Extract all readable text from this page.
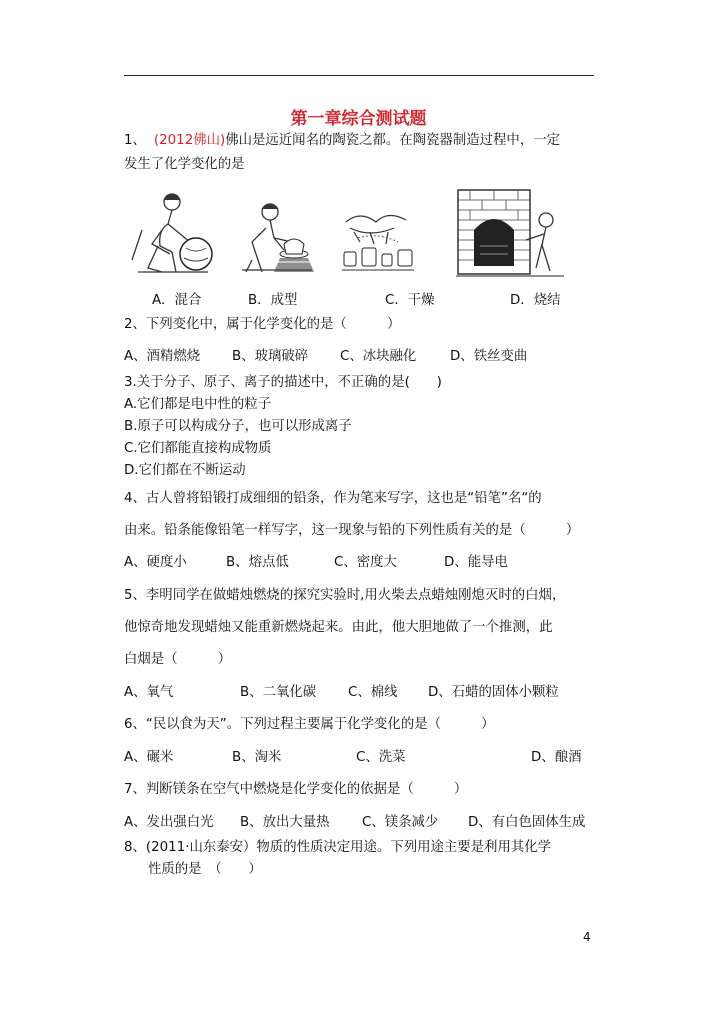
第一章综合测试题
1、 (2012佛山)佛山是远近闻名的陶瓷之都。在陶瓷器制造过程中，一定
发生了化学变化的是
A．混合	B．成型	C．干燥	D．烧结
2、下列变化中，属于化学变化的是（　　　）
A、酒精燃烧 B、玻璃破碎 C、冰块融化	D、铁丝变曲
3.关于分子、原子、离子的描述中，不正确的是(　　)
A.它们都是电中性的粒子
B.原子可以构成分子，也可以形成离子
C.它们都能直接构成物质
D.它们都在不断运动
4、古人曾将铅锻打成细细的铅条，作为笔来写字，这也是“铅笔”名“的
由来。铅条能像铅笔一样写字，这一现象与铅的下列性质有关的是（　　　）
A、硬度小	B、熔点低	C、密度大	D、能导电
5、李明同学在做蜡烛燃烧的探究实验时,用火柴去点蜡烛刚熄灭时的白烟，
他惊奇地发现蜡烛又能重新燃烧起来。由此，他大胆地做了一个推测，此
白烟是（　　　）
A、氧气	B、二氧化碳 C、棉线 D、石蜡的固体小颗粒
6、“民以食为天”。下列过程主要属于化学变化的是（　　　）
A、碾米	B、淘米	C、洗菜	D、酿酒
7、判断镁条在空气中燃烧是化学变化的依据是（　　　）
A、发出强白光 B、放出大量热 C、镁条减少 D、有白色固体生成
8、(2011·山东泰安）物质的性质决定用途。下列用途主要是利用其化学
性质的是　（　　）
4
